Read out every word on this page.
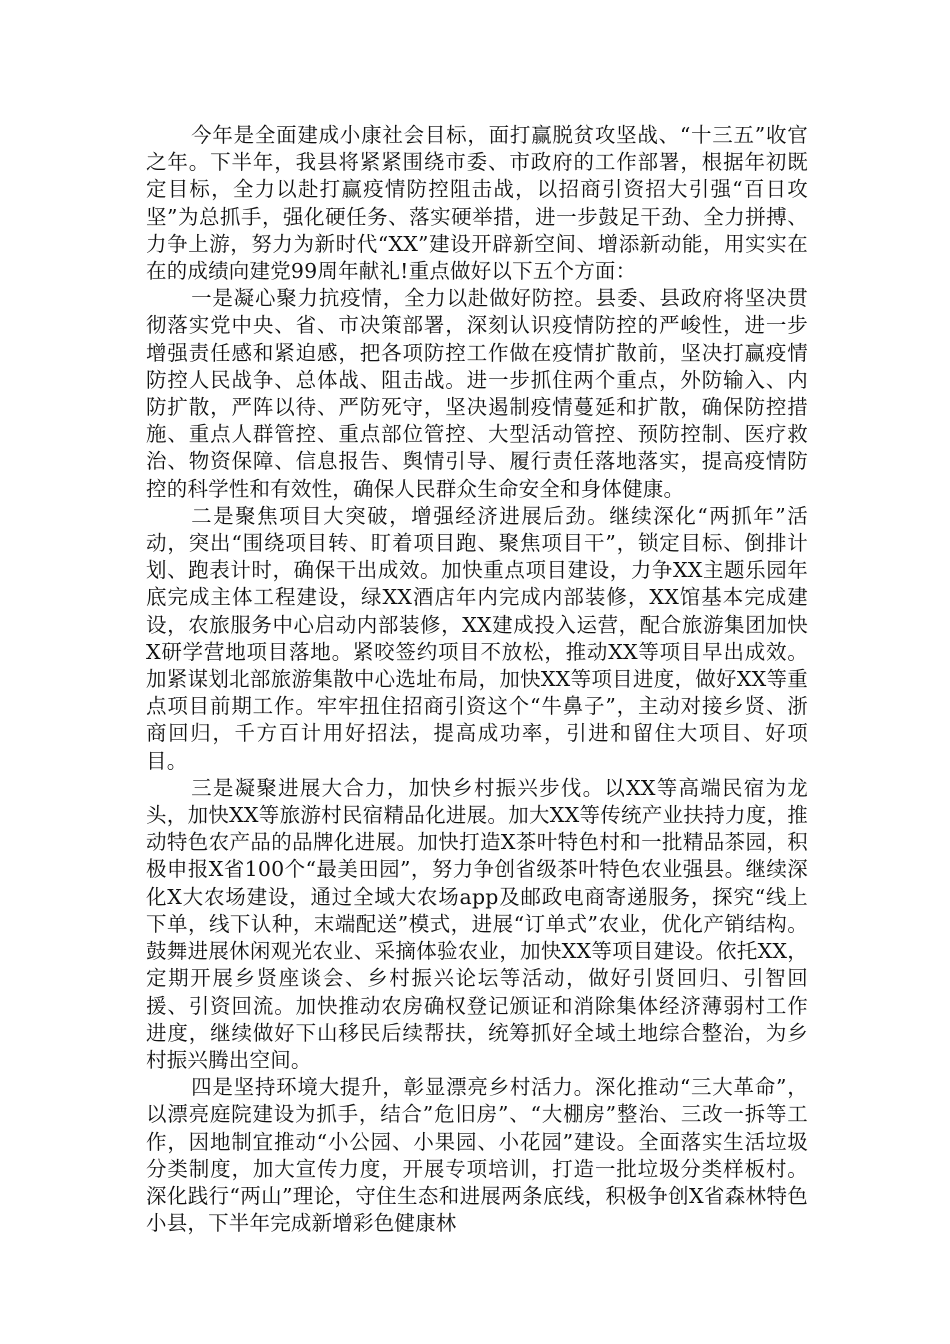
今年是全面建成小康社会目标，面打赢脱贫攻坚战、“十三五”收官之年。下半年，我县将紧紧围绕市委、市政府的工作部署，根据年初既定目标，全力以赴打赢疫情防控阻击战，以招商引资招大引强“百日攻坚”为总抓手，强化硬任务、落实硬举措，进一步鼓足干劲、全力拼搏、力争上游，努力为新时代“XX”建设开辟新空间、增添新动能，用实实在在的成绩向建党99周年献礼!重点做好以下五个方面：

一是凝心聚力抗疫情，全力以赴做好防控。县委、县政府将坚决贯彻落实党中央、省、市决策部署，深刻认识疫情防控的严峻性，进一步增强责任感和紧迫感，把各项防控工作做在疫情扩散前，坚决打赢疫情防控人民战争、总体战、阻击战。进一步抓住两个重点，外防输入、内防扩散，严阵以待、严防死守，坚决遏制疫情蔓延和扩散，确保防控措施、重点人群管控、重点部位管控、大型活动管控、预防控制、医疗救治、物资保障、信息报告、舆情引导、履行责任落地落实，提高疫情防控的科学性和有效性，确保人民群众生命安全和身体健康。

二是聚焦项目大突破，增强经济进展后劲。继续深化“两抓年”活动，突出“围绕项目转、盯着项目跑、聚焦项目干”，锁定目标、倒排计划、跑表计时，确保干出成效。加快重点项目建设，力争XX主题乐园年底完成主体工程建设，绿XX酒店年内完成内部装修，XX馆基本完成建设，农旅服务中心启动内部装修，XX建成投入运营，配合旅游集团加快X研学营地项目落地。紧咬签约项目不放松，推动XX等项目早出成效。加紧谋划北部旅游集散中心选址布局，加快XX等项目进度，做好XX等重点项目前期工作。牢牢扭住招商引资这个“牛鼻子”，主动对接乡贤、浙商回归，千方百计用好招法，提高成功率，引进和留住大项目、好项目。

三是凝聚进展大合力，加快乡村振兴步伐。以XX等高端民宿为龙头，加快XX等旅游村民宿精品化进展。加大XX等传统产业扶持力度，推动特色农产品的品牌化进展。加快打造X茶叶特色村和一批精品茶园，积极申报X省100个“最美田园”，努力争创省级茶叶特色农业强县。继续深化X大农场建设，通过全域大农场app及邮政电商寄递服务，探究“线上下单，线下认种，末端配送”模式，进展“订单式”农业，优化产销结构。鼓舞进展休闲观光农业、采摘体验农业，加快XX等项目建设。依托XX，定期开展乡贤座谈会、乡村振兴论坛等活动，做好引贤回归、引智回援、引资回流。加快推动农房确权登记颁证和消除集体经济薄弱村工作进度，继续做好下山移民后续帮扶，统筹抓好全域土地综合整治，为乡村振兴腾出空间。

四是坚持环境大提升，彰显漂亮乡村活力。深化推动“三大革命”，以漂亮庭院建设为抓手，结合”危旧房”、“大棚房”整治、三改一拆等工作，因地制宜推动“小公园、小果园、小花园”建设。全面落实生活垃圾分类制度，加大宣传力度，开展专项培训，打造一批垃圾分类样板村。深化践行“两山”理论，守住生态和进展两条底线，积极争创X省森林特色小县，下半年完成新增彩色健康林
